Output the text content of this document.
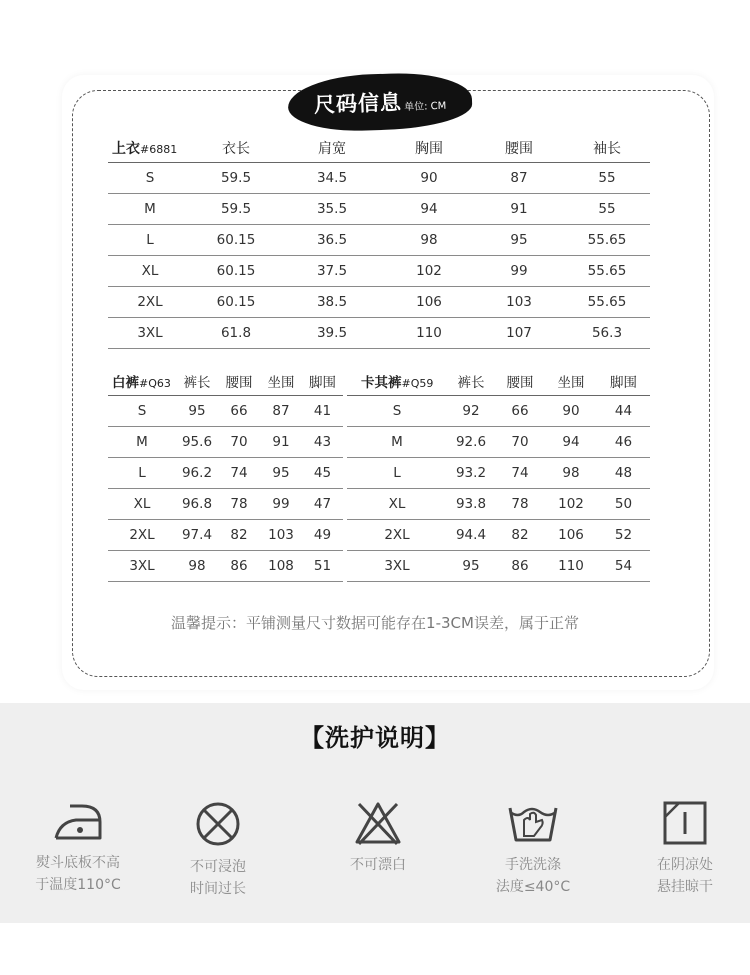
尺码信息 单位: CM
上衣#6881	衣长	肩宽	胸围	腰围	袖长
S	59.5	34.5	90	87	55
M	59.5	35.5	94	91	55
L	60.15	36.5	98	95	55.65
XL	60.15	37.5	102	99	55.65
2XL	60.15	38.5	106	103	55.65
3XL	61.8	39.5	110	107	56.3
白裤#Q63	裤长	腰围	坐围	脚围
S	95	66	87	41
M	95.6	70	91	43
L	96.2	74	95	45
XL	96.8	78	99	47
2XL	97.4	82	103	49
3XL	98	86	108	51
卡其裤#Q59	裤长	腰围	坐围	脚围
S	92	66	90	44
M	92.6	70	94	46
L	93.2	74	98	48
XL	93.8	78	102	50
2XL	94.4	82	106	52
3XL	95	86	110	54
温馨提示：平铺测量尺寸数据可能存在1-3CM误差，属于正常
【洗护说明】
熨斗底板不高
于温度110°C
不可浸泡
时间过长
不可漂白	手洗洗涤
法度≤40°C
在阴凉处
悬挂晾干
